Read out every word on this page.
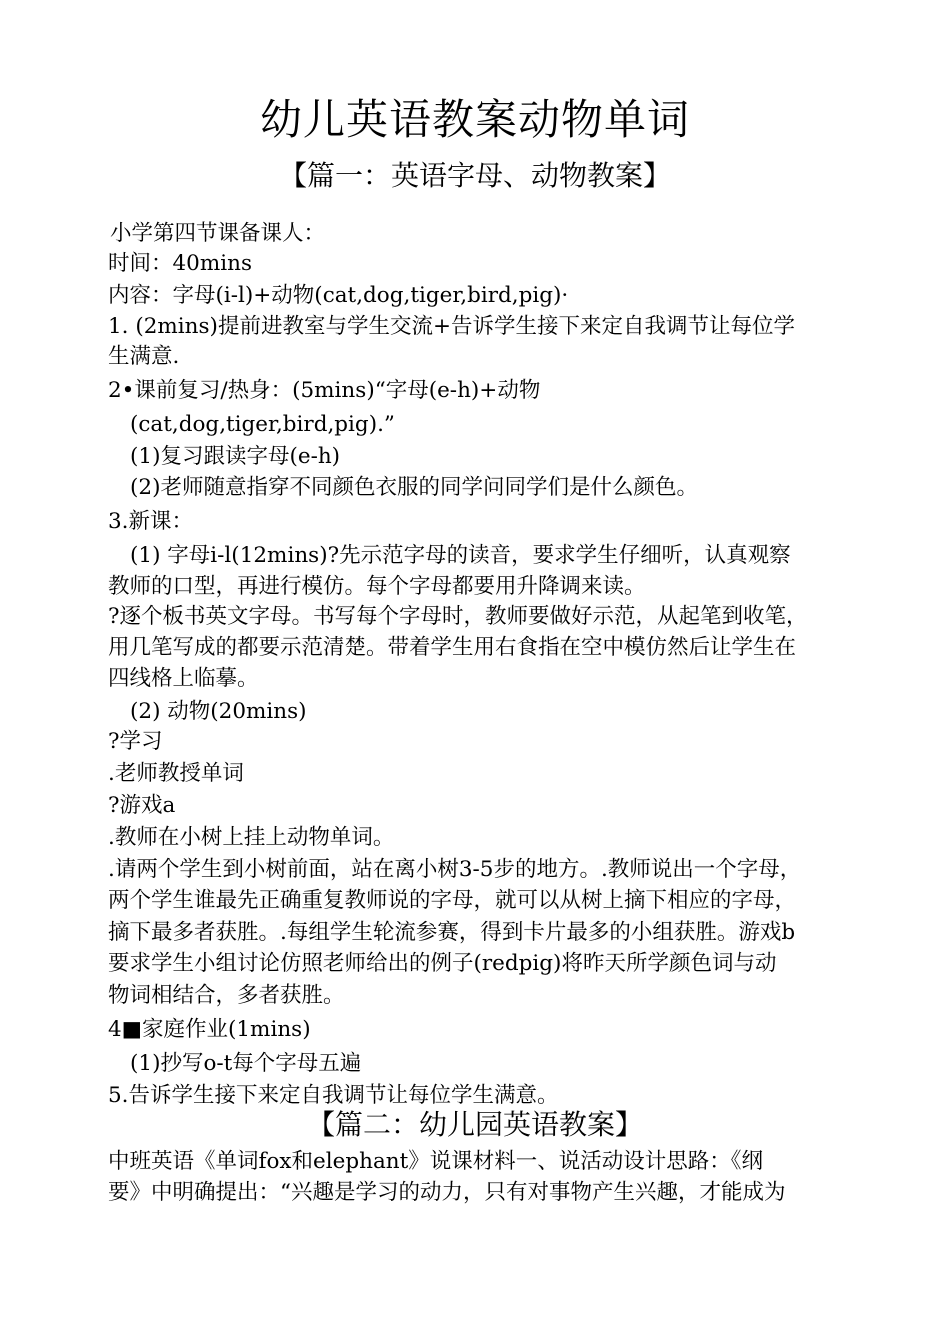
幼儿英语教案动物单词
【篇一：英语字母、动物教案】
小学第四节课备课人：
时间：40mins
内容：字母(i-l)+动物(cat,dog,tiger,bird,pig)·
1. (2mins)提前进教室与学生交流+告诉学生接下来定自我调节让每位学
生满意.
2•课前复习/热身：(5mins)“字母(e-h)+动物
(cat,dog,tiger,bird,pig).”
(1)复习跟读字母(e-h)
(2)老师随意指穿不同颜色衣服的同学问同学们是什么颜色。
3.新课：
(1) 字母i-l(12mins)?先示范字母的读音，要求学生仔细听，认真观察
教师的口型，再进行模仿。每个字母都要用升降调来读。
?逐个板书英文字母。书写每个字母时，教师要做好示范，从起笔到收笔，
用几笔写成的都要示范清楚。带着学生用右食指在空中模仿然后让学生在
四线格上临摹。
(2) 动物(20mins)
?学习
.老师教授单词
?游戏a
.教师在小树上挂上动物单词。
.请两个学生到小树前面，站在离小树3-5步的地方。.教师说出一个字母，
两个学生谁最先正确重复教师说的字母，就可以从树上摘下相应的字母，
摘下最多者获胜。.每组学生轮流参赛，得到卡片最多的小组获胜。游戏b
要求学生小组讨论仿照老师给出的例子(redpig)将昨天所学颜色词与动
物词相结合，多者获胜。
4■家庭作业(1mins)
(1)抄写o-t每个字母五遍
5.告诉学生接下来定自我调节让每位学生满意。
【篇二：幼儿园英语教案】
中班英语《单词fox和elephant》说课材料一、说活动设计思路：《纲
要》中明确提出：“兴趣是学习的动力，只有对事物产生兴趣，才能成为
